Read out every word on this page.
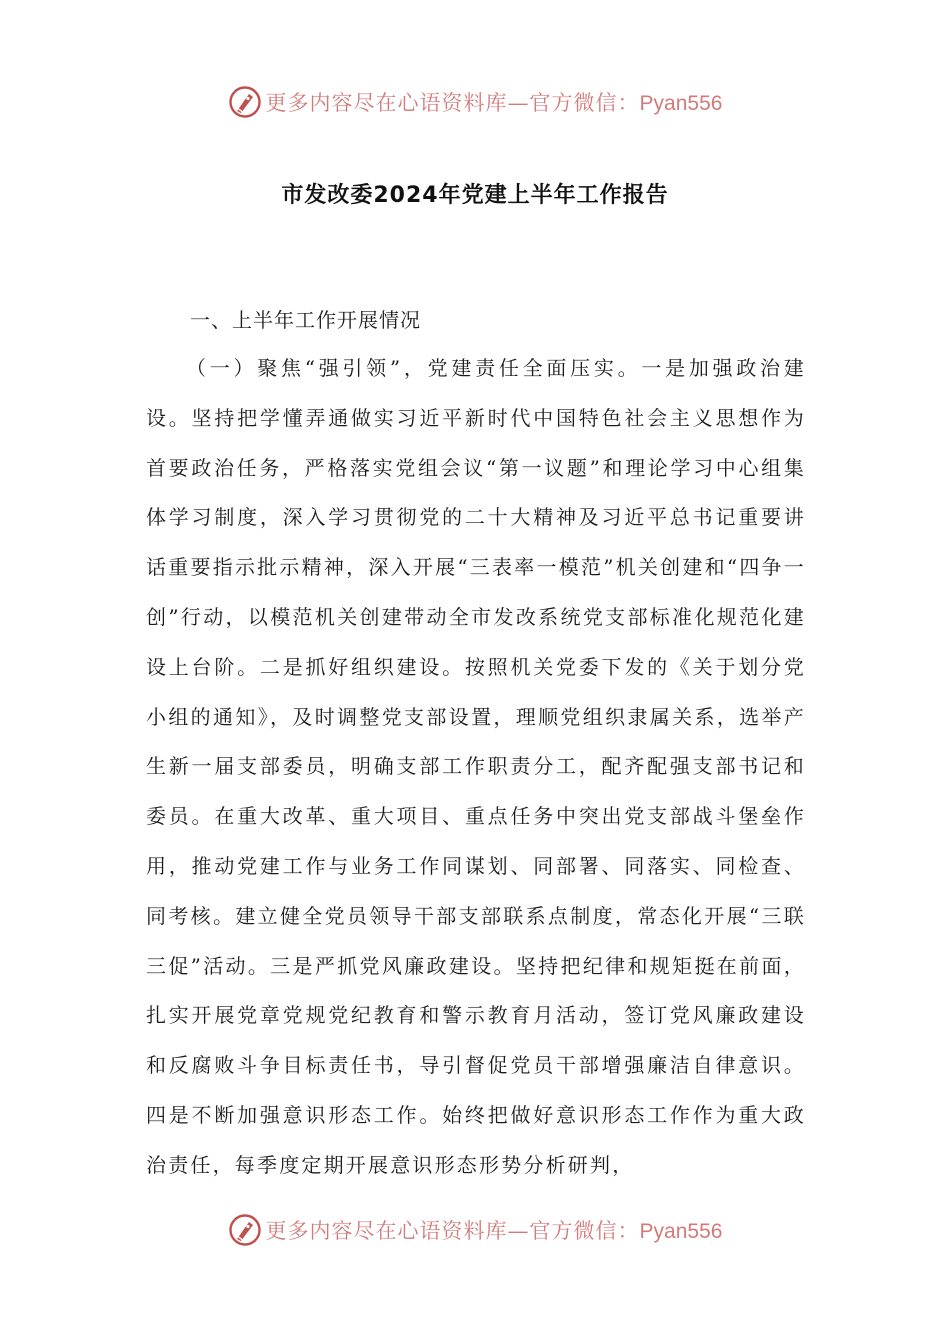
更多内容尽在心语资料库—官方微信：Pyan556
市发改委2024年党建上半年工作报告

一、上半年工作开展情况

（一）聚焦“强引领”，党建责任全面压实。一是加强政治建设。坚持把学懂弄通做实习近平新时代中国特色社会主义思想作为首要政治任务，严格落实党组会议“第一议题”和理论学习中心组集体学习制度，深入学习贯彻党的二十大精神及习近平总书记重要讲话重要指示批示精神，深入开展“三表率一模范”机关创建和“四争一创”行动，以模范机关创建带动全市发改系统党支部标准化规范化建设上台阶。二是抓好组织建设。按照机关党委下发的《关于划分党小组的通知》，及时调整党支部设置，理顺党组织隶属关系，选举产生新一届支部委员，明确支部工作职责分工，配齐配强支部书记和委员。在重大改革、重大项目、重点任务中突出党支部战斗堡垒作用，推动党建工作与业务工作同谋划、同部署、同落实、同检查、同考核。建立健全党员领导干部支部联系点制度，常态化开展“三联三促”活动。三是严抓党风廉政建设。坚持把纪律和规矩挺在前面，扎实开展党章党规党纪教育和警示教育月活动，签订党风廉政建设和反腐败斗争目标责任书，导引督促党员干部增强廉洁自律意识。四是不断加强意识形态工作。始终把做好意识形态工作作为重大政治责任，每季度定期开展意识形态形势分析研判，

更多内容尽在心语资料库—官方微信：Pyan556
